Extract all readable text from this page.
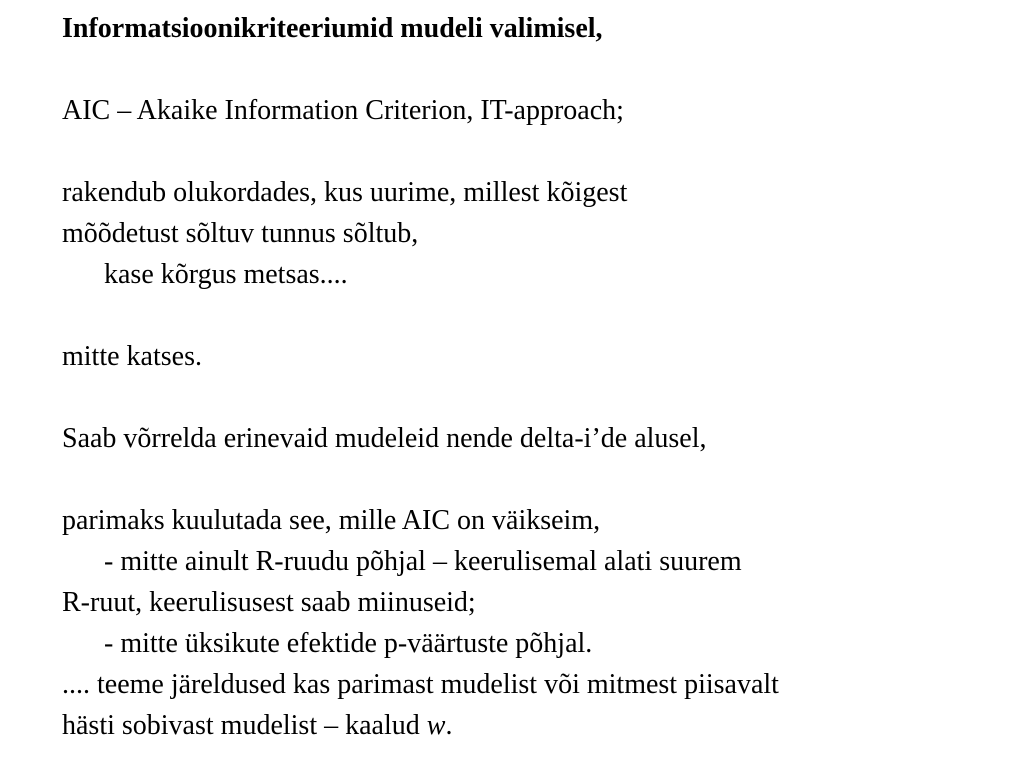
Informatsioonikriteeriumid mudeli valimisel,
AIC – Akaike Information Criterion, IT-approach;
rakendub olukordades, kus uurime, millest kõigest
mõõdetust sõltuv tunnus sõltub,
kase kõrgus metsas....
mitte katses.
Saab võrrelda erinevaid mudeleid nende delta-i’de alusel,
parimaks kuulutada see, mille AIC on väikseim,
- mitte ainult R-ruudu põhjal – keerulisemal alati suurem
R-ruut, keerulisusest saab miinuseid;
- mitte üksikute efektide p-väärtuste põhjal.
.... teeme järeldused kas parimast mudelist või mitmest piisavalt
hästi sobivast mudelist – kaalud w.
